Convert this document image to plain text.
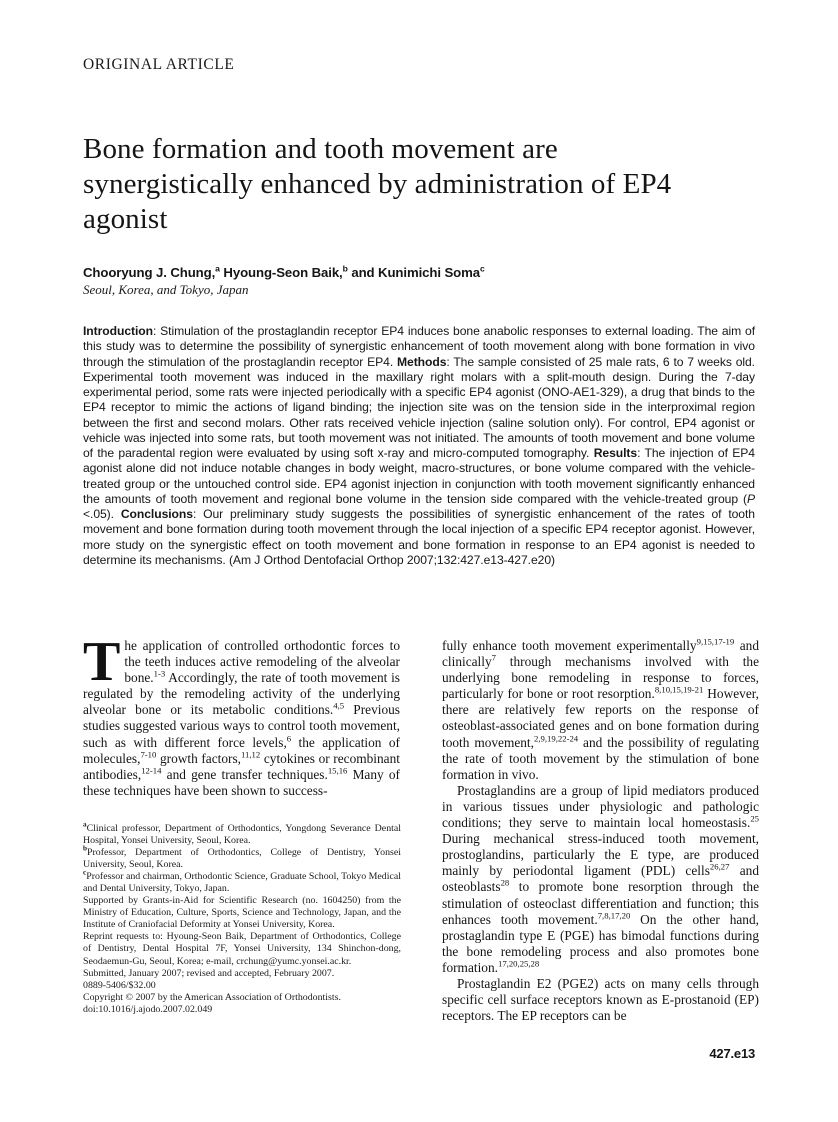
ORIGINAL ARTICLE
Bone formation and tooth movement are synergistically enhanced by administration of EP4 agonist
Chooryung J. Chung,$^a$ Hyoung-Seon Baik,$^b$ and Kunimichi Soma$^c$
Seoul, Korea, and Tokyo, Japan

Introduction: Stimulation of the prostaglandin receptor EP4 induces bone anabolic responses to external loading. The aim of this study was to determine the possibility of synergistic enhancement of tooth movement along with bone formation in vivo through the stimulation of the prostaglandin receptor EP4. Methods: The sample consisted of 25 male rats, 6 to 7 weeks old. Experimental tooth movement was induced in the maxillary right molars with a split-mouth design. During the 7-day experimental period, some rats were injected periodically with a specific EP4 agonist (ONO-AE1-329), a drug that binds to the EP4 receptor to mimic the actions of ligand binding; the injection site was on the tension side in the interproximal region between the first and second molars. Other rats received vehicle injection (saline solution only). For control, EP4 agonist or vehicle was injected into some rats, but tooth movement was not initiated. The amounts of tooth movement and bone volume of the paradental region were evaluated by using soft x-ray and micro-computed tomography. Results: The injection of EP4 agonist alone did not induce notable changes in body weight, macro-structures, or bone volume compared with the vehicle-treated group or the untouched control side. EP4 agonist injection in conjunction with tooth movement significantly enhanced the amounts of tooth movement and regional bone volume in the tension side compared with the vehicle-treated group (P <.05). Conclusions: Our preliminary study suggests the possibilities of synergistic enhancement of the rates of tooth movement and bone formation during tooth movement through the local injection of a specific EP4 receptor agonist. However, more study on the synergistic effect on tooth movement and bone formation in response to an EP4 agonist is needed to determine its mechanisms. (Am J Orthod Dentofacial Orthop 2007;132:427.e13-427.e20)

The application of controlled orthodontic forces to the teeth induces active remodeling of the alveolar bone.$^{1-3}$ Accordingly, the rate of tooth movement is regulated by the remodeling activity of the underlying alveolar bone or its metabolic conditions.$^{4,5}$ Previous studies suggested various ways to control tooth movement, such as with different force levels,$^6$ the application of molecules,$^{7-10}$ growth factors,$^{11,12}$ cytokines or recombinant antibodies,$^{12-14}$ and gene transfer techniques.$^{15,16}$ Many of these techniques have been shown to success-

fully enhance tooth movement experimentally$^{9,15,17-19}$ and clinically$^7$ through mechanisms involved with the underlying bone remodeling in response to forces, particularly for bone or root resorption.$^{8,10,15,19-21}$ However, there are relatively few reports on the response of osteoblast-associated genes and on bone formation during tooth movement,$^{2,9,19,22-24}$ and the possibility of regulating the rate of tooth movement by the stimulation of bone formation in vivo.

Prostaglandins are a group of lipid mediators produced in various tissues under physiologic and pathologic conditions; they serve to maintain local homeostasis.$^{25}$ During mechanical stress-induced tooth movement, prostoglandins, particularly the E type, are produced mainly by periodontal ligament (PDL) cells$^{26,27}$ and osteoblasts$^{28}$ to promote bone resorption through the stimulation of osteoclast differentiation and function; this enhances tooth movement.$^{7,8,17,20}$ On the other hand, prostaglandin type E (PGE) has bimodal functions during the bone remodeling process and also promotes bone formation.$^{17,20,25,28}$

Prostaglandin E2 (PGE2) acts on many cells through specific cell surface receptors known as E-prostanoid (EP) receptors. The EP receptors can be

$^a$Clinical professor, Department of Orthodontics, Yongdong Severance Dental Hospital, Yonsei University, Seoul, Korea.

$^b$Professor, Department of Orthodontics, College of Dentistry, Yonsei University, Seoul, Korea.

$^c$Professor and chairman, Orthodontic Science, Graduate School, Tokyo Medical and Dental University, Tokyo, Japan.

Supported by Grants-in-Aid for Scientific Research (no. 1604250) from the Ministry of Education, Culture, Sports, Science and Technology, Japan, and the Institute of Craniofacial Deformity at Yonsei University, Korea.

Reprint requests to: Hyoung-Seon Baik, Department of Orthodontics, College of Dentistry, Dental Hospital 7F, Yonsei University, 134 Shinchon-dong, Seodaemun-Gu, Seoul, Korea; e-mail, crchung@yumc.yonsei.ac.kr.

Submitted, January 2007; revised and accepted, February 2007.

0889-5406/$32.00

Copyright © 2007 by the American Association of Orthodontists.

doi:10.1016/j.ajodo.2007.02.049

427.e13
